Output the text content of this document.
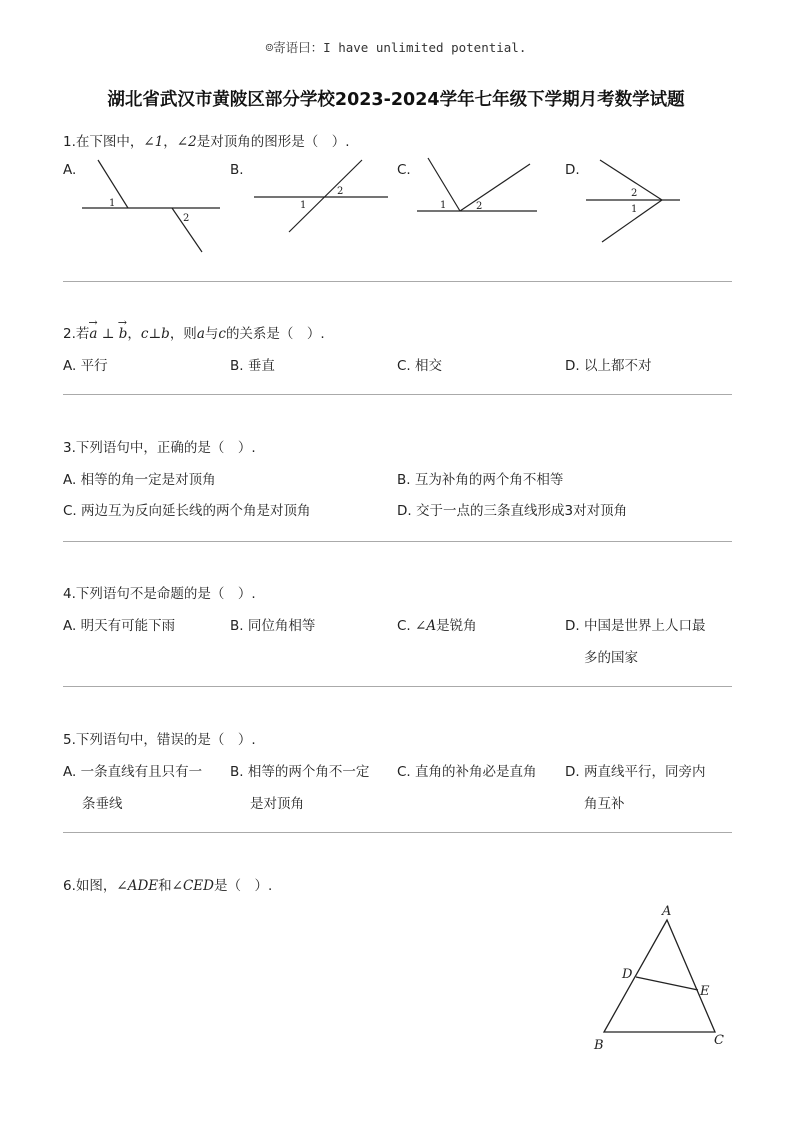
☺寄语曰：I have unlimited potential.
湖北省武汉市黄陂区部分学校2023-2024学年七年级下学期月考数学试题
1.在下图中，∠1，∠2是对顶角的图形是（　）.
A.	B.	C.	D.
1
2
1
2
1	2
2
1
2.若
→
a ⊥
→
b，c⊥b，则a与c的关系是（　）.
A. 平行	B. 垂直	C. 相交	D. 以上都不对
3.下列语句中，正确的是（　）.
A. 相等的角一定是对顶角	B. 互为补角的两个角不相等
C. 两边互为反向延长线的两个角是对顶角	D. 交于一点的三条直线形成3对对顶角
4.下列语句不是命题的是（　）.
A. 明天有可能下雨	B. 同位角相等	C. ∠A是锐角	D. 中国是世界上人口最
多的国家
5.下列语句中，错误的是（　）.
A. 一条直线有且只有一
条垂线
B. 相等的两个角不一定
是对顶角
C. 直角的补角必是直角 D. 两直线平行，同旁内
角互补
6.如图，∠ADE和∠CED是（　）.
A
B	C
D
E
